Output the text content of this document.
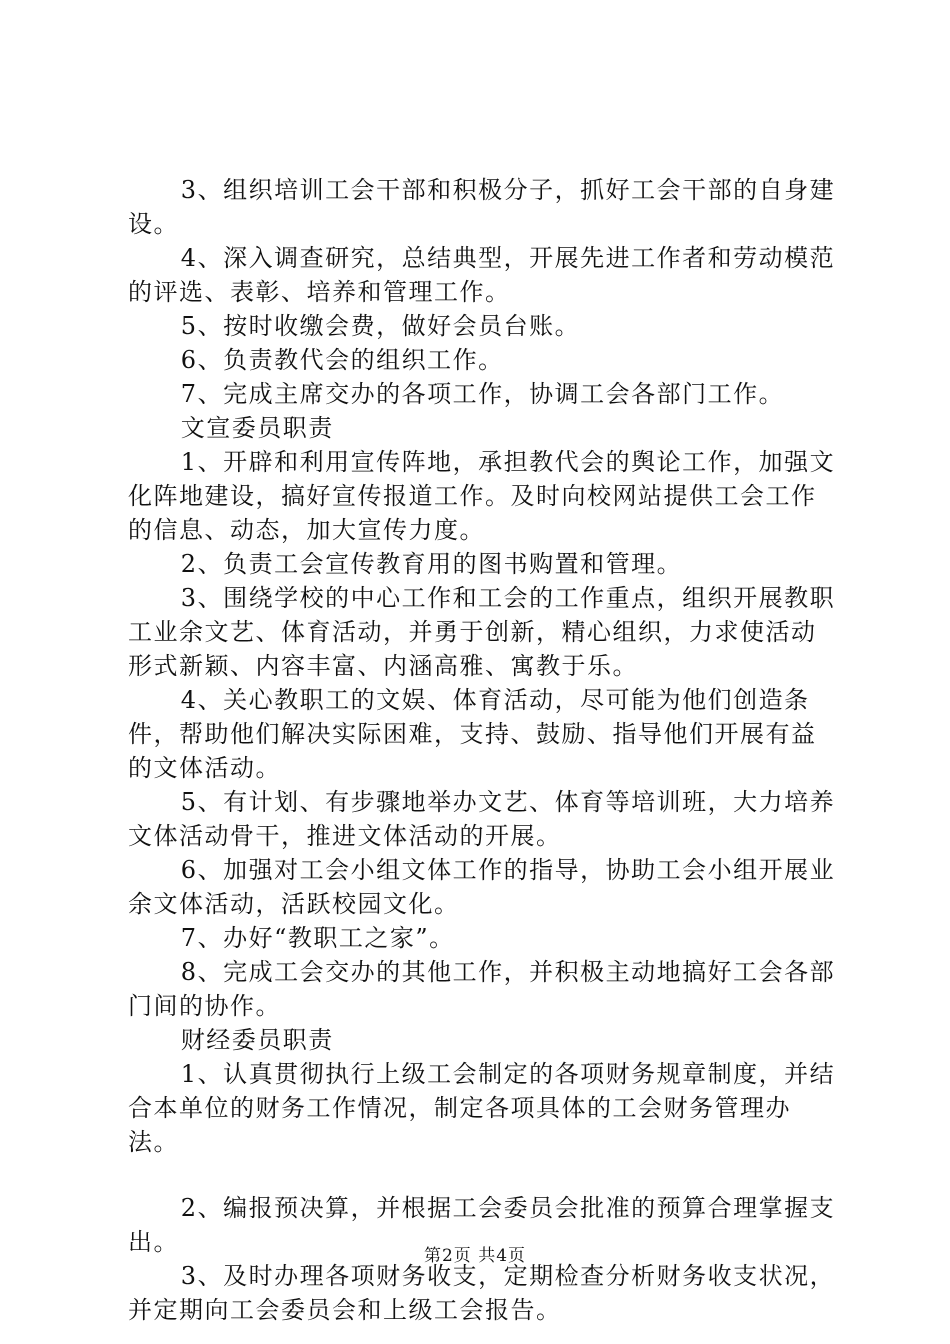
3、组织培训工会干部和积极分子，抓好工会干部的自身建设。

4、深入调查研究，总结典型，开展先进工作者和劳动模范的评选、表彰、培养和管理工作。

5、按时收缴会费，做好会员台账。

6、负责教代会的组织工作。

7、完成主席交办的各项工作，协调工会各部门工作。

文宣委员职责

1、开辟和利用宣传阵地，承担教代会的舆论工作，加强文化阵地建设，搞好宣传报道工作。及时向校网站提供工会工作的信息、动态，加大宣传力度。

2、负责工会宣传教育用的图书购置和管理。

3、围绕学校的中心工作和工会的工作重点，组织开展教职工业余文艺、体育活动，并勇于创新，精心组织，力求使活动形式新颖、内容丰富、内涵高雅、寓教于乐。

4、关心教职工的文娱、体育活动，尽可能为他们创造条件，帮助他们解决实际困难，支持、鼓励、指导他们开展有益的文体活动。

5、有计划、有步骤地举办文艺、体育等培训班，大力培养文体活动骨干，推进文体活动的开展。

6、加强对工会小组文体工作的指导，协助工会小组开展业余文体活动，活跃校园文化。

7、办好“教职工之家”。

8、完成工会交办的其他工作，并积极主动地搞好工会各部门间的协作。

财经委员职责

1、认真贯彻执行上级工会制定的各项财务规章制度，并结合本单位的财务工作情况，制定各项具体的工会财务管理办法。

2、编报预决算，并根据工会委员会批准的预算合理掌握支出。

3、及时办理各项财务收支，定期检查分析财务收支状况，并定期向工会委员会和上级工会报告。

第2页 共4页
